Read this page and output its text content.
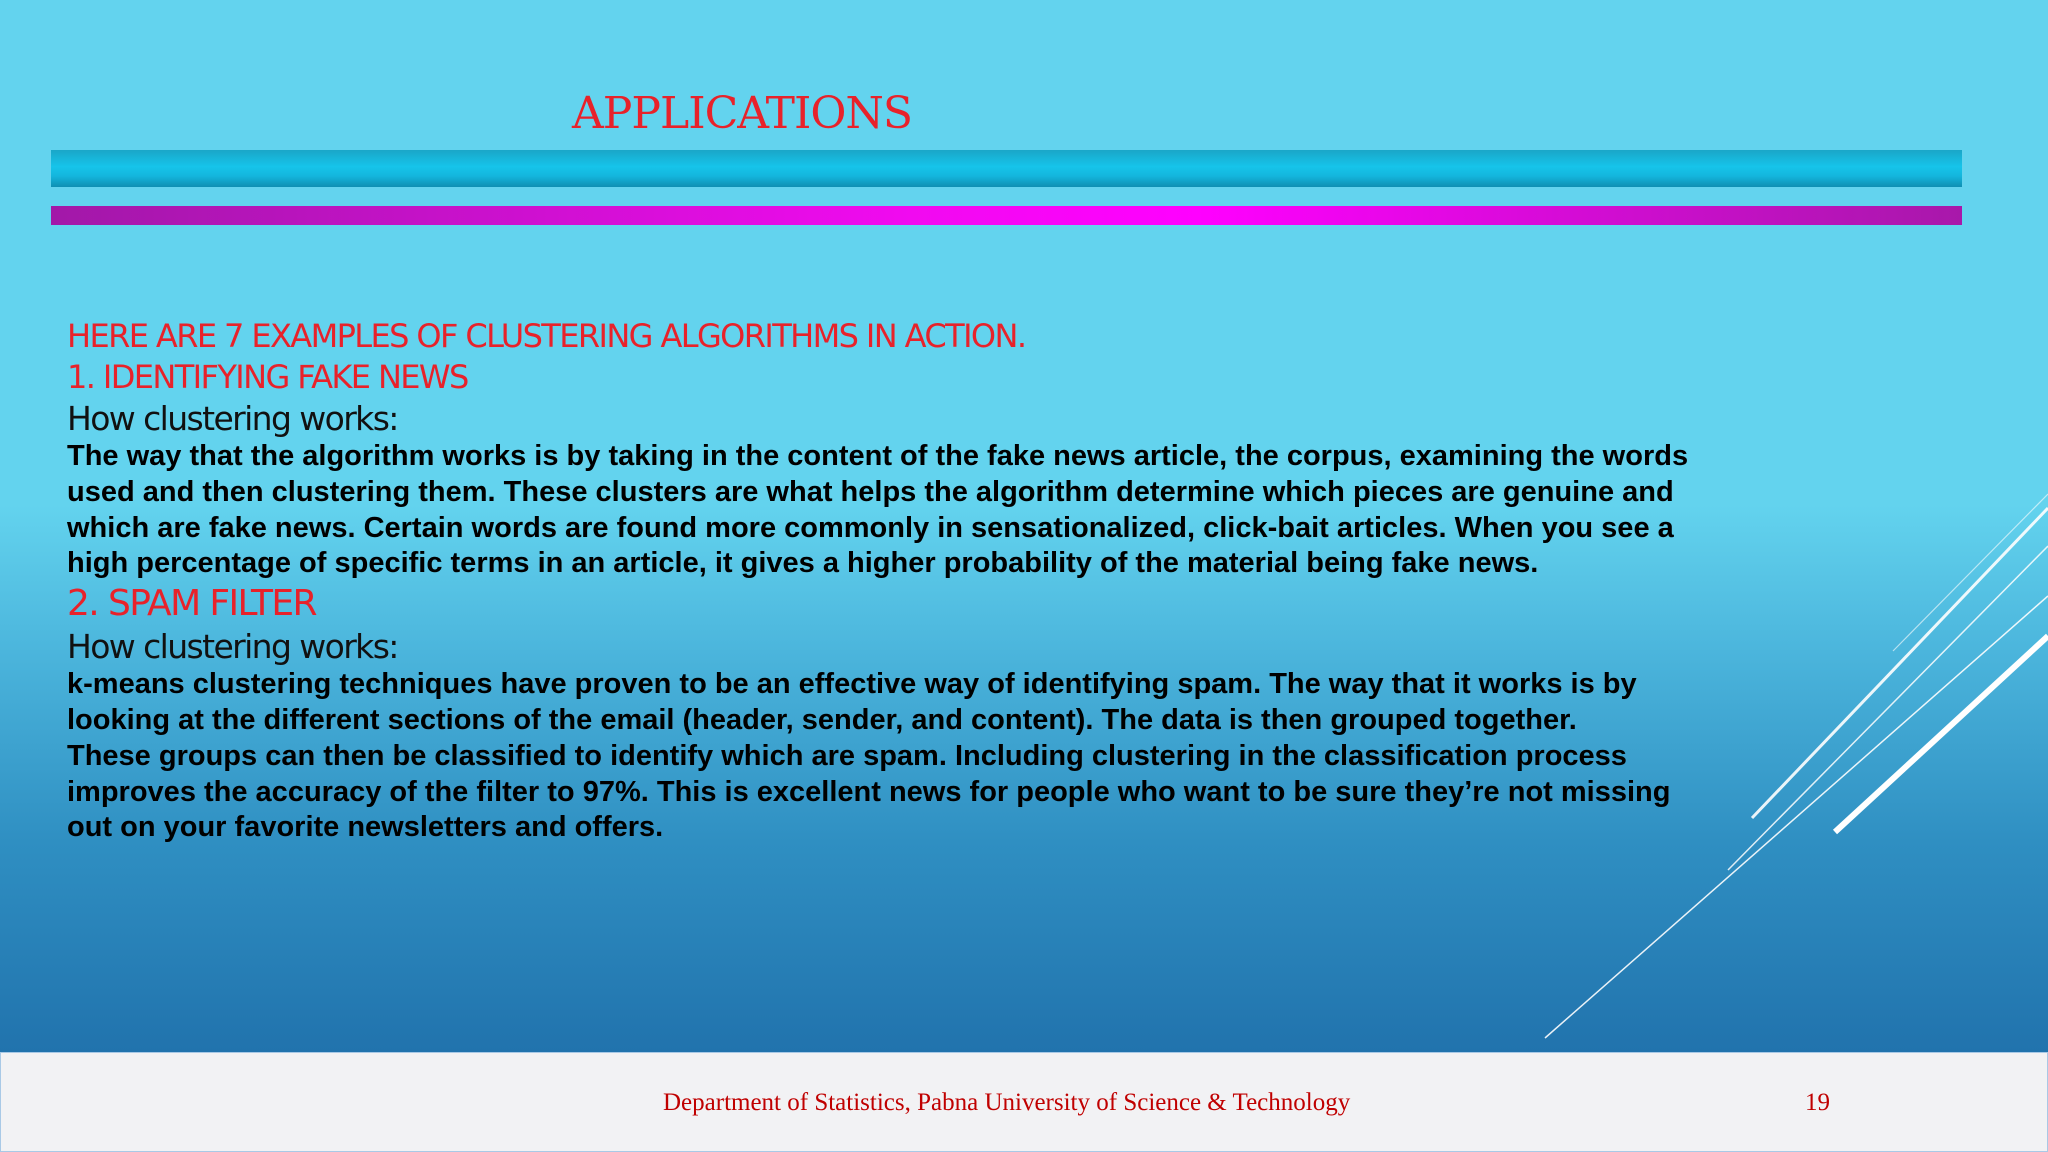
APPLICATIONS
HERE ARE 7 EXAMPLES OF CLUSTERING ALGORITHMS IN ACTION.
1. IDENTIFYING FAKE NEWS
How clustering works:

The way that the algorithm works is by taking in the content of the fake news article, the corpus, examining the words used and then clustering them. These clusters are what helps the algorithm determine which pieces are genuine and which are fake news. Certain words are found more commonly in sensationalized, click-bait articles. When you see a high percentage of specific terms in an article, it gives a higher probability of the material being fake news.

2. SPAM FILTER
How clustering works:

k-means clustering techniques have proven to be an effective way of identifying spam. The way that it works is by looking at the different sections of the email (header, sender, and content). The data is then grouped together.

These groups can then be classified to identify which are spam. Including clustering in the classification process improves the accuracy of the filter to 97%. This is excellent news for people who want to be sure they’re not missing out on your favorite newsletters and offers.

Department of Statistics, Pabna University of Science & Technology	19
